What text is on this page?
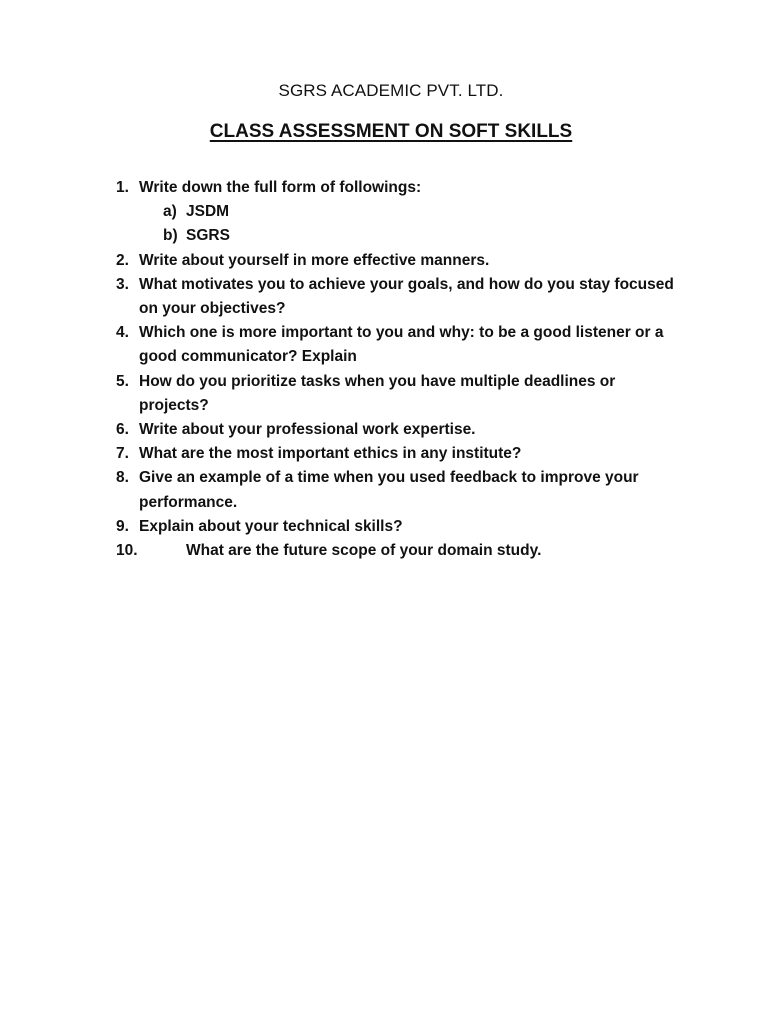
SGRS ACADEMIC PVT. LTD.
CLASS ASSESSMENT ON SOFT SKILLS
1. Write down the full form of followings:
a) JSDM
b) SGRS
2. Write about yourself in more effective manners.
3. What motivates you to achieve your goals, and how do you stay focused on your objectives?
4. Which one is more important to you and why: to be a good listener or a good communicator? Explain
5. How do you prioritize tasks when you have multiple deadlines or projects?
6. Write about your professional work expertise.
7. What are the most important ethics in any institute?
8. Give an example of a time when you used feedback to improve your performance.
9. Explain about your technical skills?
10.	What are the future scope of your domain study.
